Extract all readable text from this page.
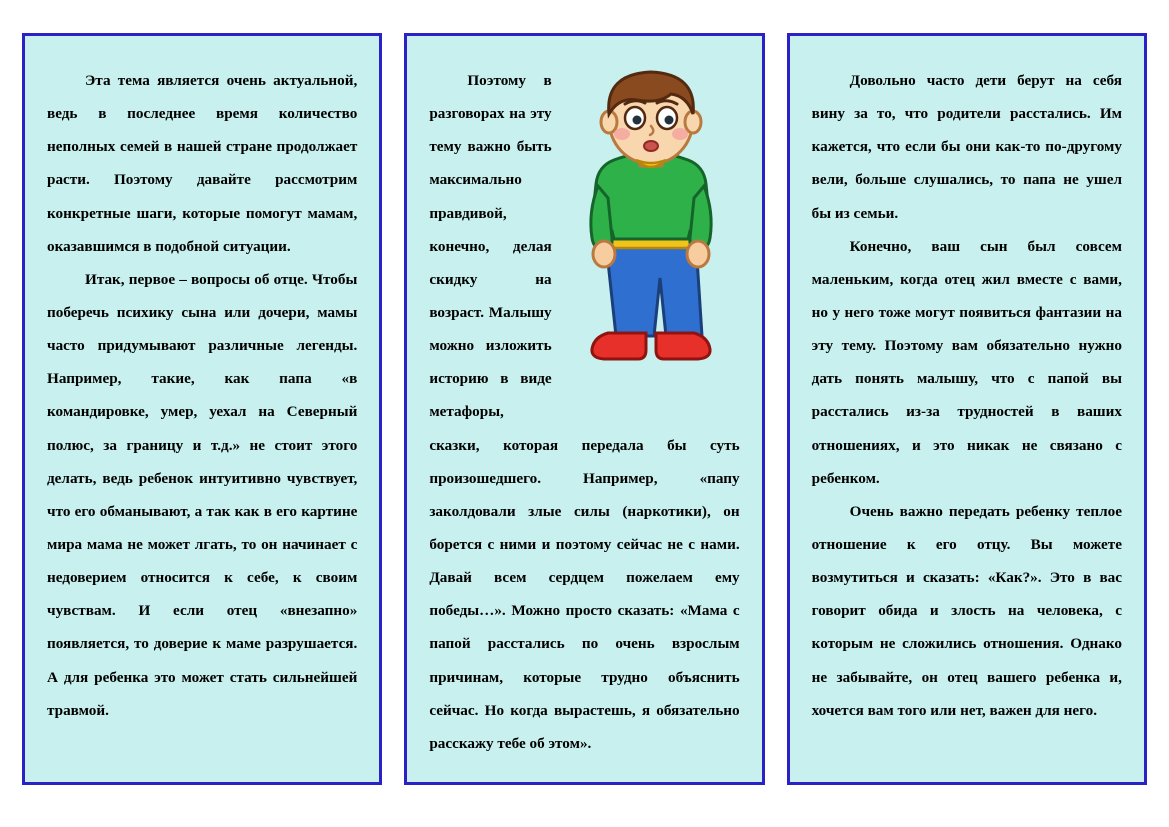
Эта тема является очень актуальной, ведь в последнее время количество неполных семей в нашей стране продолжает расти. Поэтому давайте рассмотрим конкретные шаги, которые помогут мамам, оказавшимся в подобной ситуации.

Итак, первое – вопросы об отце. Чтобы поберечь психику сына или дочери, мамы часто придумывают различные легенды. Например, такие, как папа «в командировке, умер, уехал на Северный полюс, за границу и т.д.» не стоит этого делать, ведь ребенок интуитивно чувствует, что его обманывают, а так как в его картине мира мама не может лгать, то он начинает с недоверием относится к себе, к своим чувствам. И если отец «внезапно» появляется, то доверие к маме разрушается. А для ребенка это может стать сильнейшей травмой.

Поэтому в разговорах на эту тему важно быть максимально правдивой, конечно, делая скидку на возраст. Малышу можно изложить историю в виде метафоры, сказки, которая передала бы суть произошедшего. Например, «папу заколдовали злые силы (наркотики), он борется с ними и поэтому сейчас не с нами. Давай всем сердцем пожелаем ему победы…». Можно просто сказать: «Мама с папой расстались по очень взрослым причинам, которые трудно объяснить сейчас. Но когда вырастешь, я обязательно расскажу тебе об этом».

Довольно часто дети берут на себя вину за то, что родители расстались. Им кажется, что если бы они как-то по-другому вели, больше слушались, то папа не ушел бы из семьи.

Конечно, ваш сын был совсем маленьким, когда отец жил вместе с вами, но у него тоже могут появиться фантазии на эту тему. Поэтому вам обязательно нужно дать понять малышу, что с папой вы расстались из-за трудностей в ваших отношениях, и это никак не связано с ребенком.

Очень важно передать ребенку теплое отношение к его отцу. Вы можете возмутиться и сказать: «Как?». Это в вас говорит обида и злость на человека, с которым не сложились отношения. Однако не забывайте, он отец вашего ребенка и, хочется вам того или нет, важен для него.
